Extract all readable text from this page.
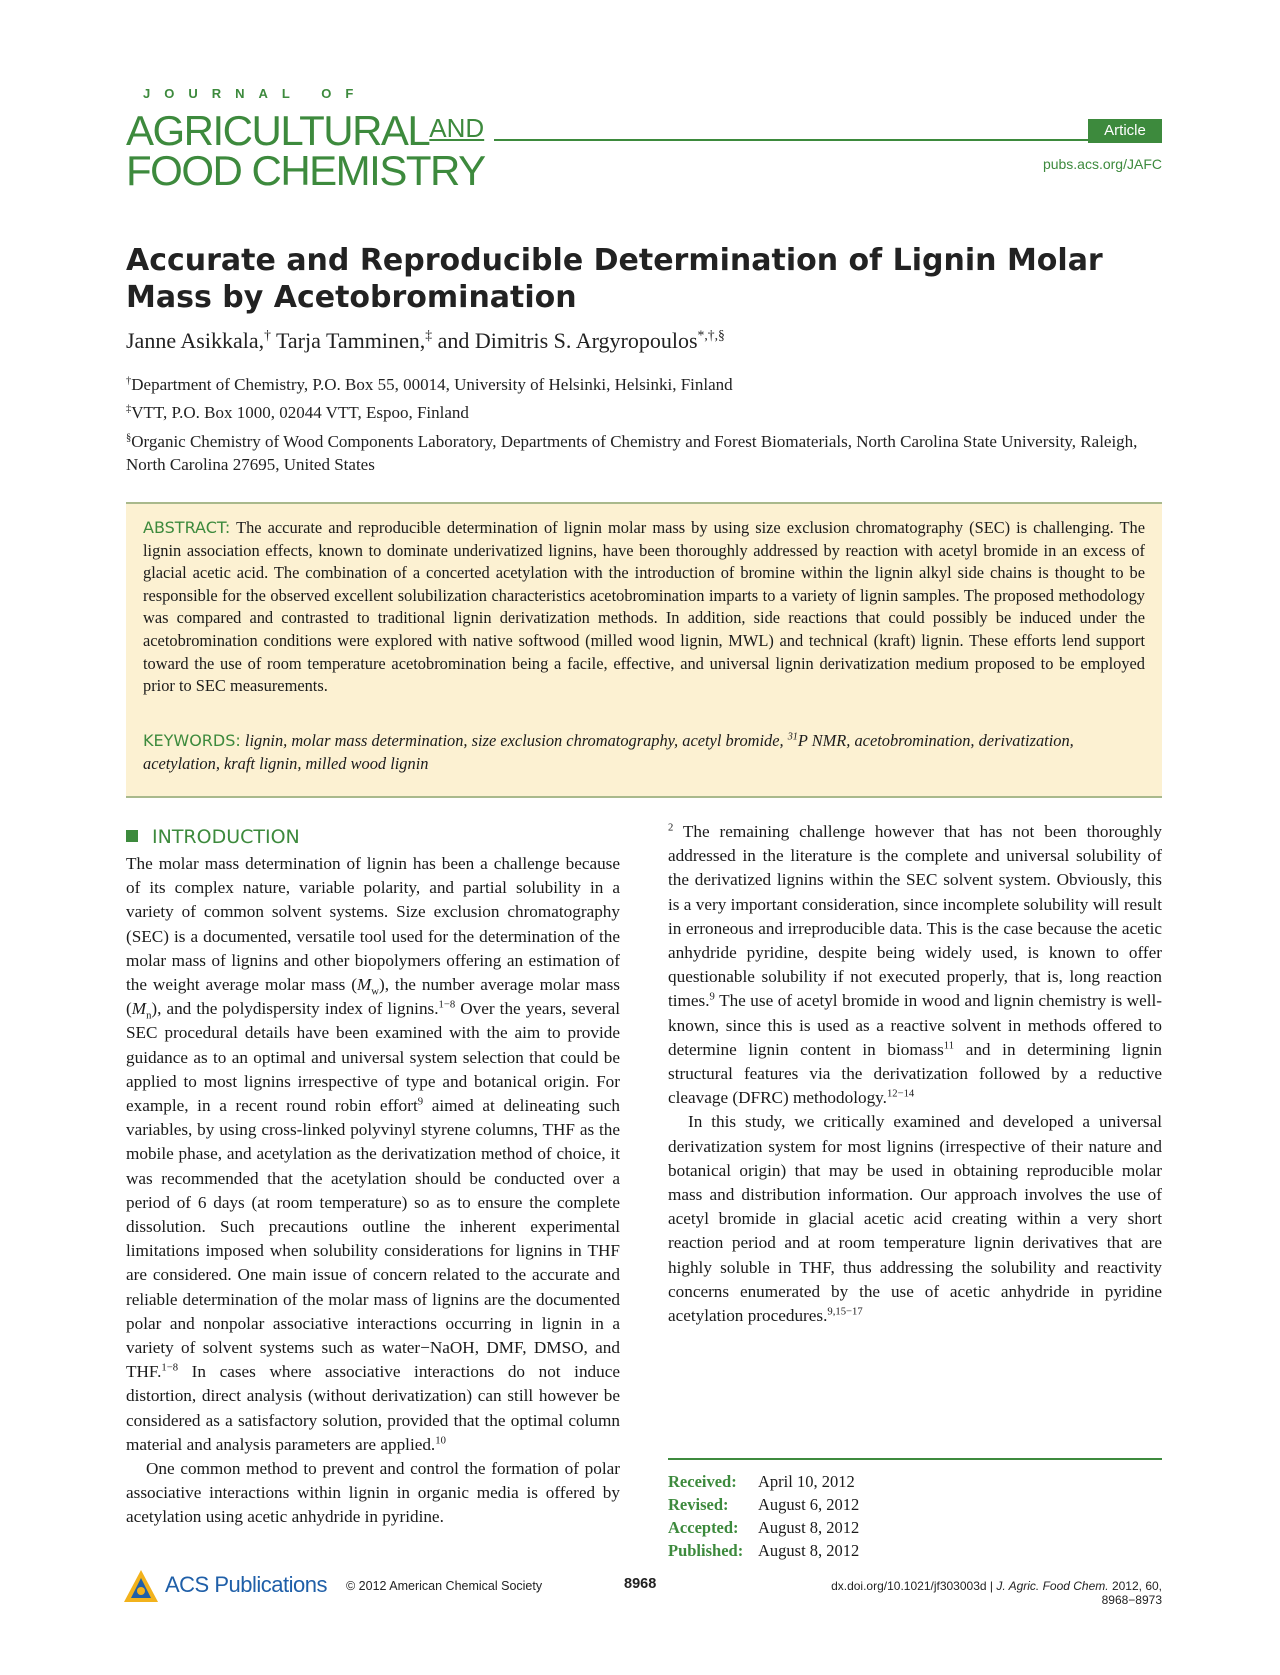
JOURNAL OF
AGRICULTURALAND
FOOD CHEMISTRY
Article
pubs.acs.org/JAFC
Accurate and Reproducible Determination of Lignin Molar Mass by Acetobromination
Janne Asikkala,† Tarja Tamminen,‡ and Dimitris S. Argyropoulos*,†,§
†Department of Chemistry, P.O. Box 55, 00014, University of Helsinki, Helsinki, Finland
‡VTT, P.O. Box 1000, 02044 VTT, Espoo, Finland
§Organic Chemistry of Wood Components Laboratory, Departments of Chemistry and Forest Biomaterials, North Carolina State University, Raleigh, North Carolina 27695, United States
ABSTRACT: The accurate and reproducible determination of lignin molar mass by using size exclusion chromatography (SEC) is challenging. The lignin association effects, known to dominate underivatized lignins, have been thoroughly addressed by reaction with acetyl bromide in an excess of glacial acetic acid. The combination of a concerted acetylation with the introduction of bromine within the lignin alkyl side chains is thought to be responsible for the observed excellent solubilization characteristics acetobromination imparts to a variety of lignin samples. The proposed methodology was compared and contrasted to traditional lignin derivatization methods. In addition, side reactions that could possibly be induced under the acetobromination conditions were explored with native softwood (milled wood lignin, MWL) and technical (kraft) lignin. These efforts lend support toward the use of room temperature acetobromination being a facile, effective, and universal lignin derivatization medium proposed to be employed prior to SEC measurements.
KEYWORDS: lignin, molar mass determination, size exclusion chromatography, acetyl bromide, $^{31}$P NMR, acetobromination, derivatization, acetylation, kraft lignin, milled wood lignin
INTRODUCTION

The molar mass determination of lignin has been a challenge because of its complex nature, variable polarity, and partial solubility in a variety of common solvent systems. Size exclusion chromatography (SEC) is a documented, versatile tool used for the determination of the molar mass of lignins and other biopolymers offering an estimation of the weight average molar mass $(M_w)$, the number average molar mass $(M_n)$, and the polydispersity index of lignins.$^{1-8}$ Over the years, several SEC procedural details have been examined with the aim to provide guidance as to an optimal and universal system selection that could be applied to most lignins irrespective of type and botanical origin. For example, in a recent round robin effort$^9$ aimed at delineating such variables, by using cross-linked polyvinyl styrene columns, THF as the mobile phase, and acetylation as the derivatization method of choice, it was recommended that the acetylation should be conducted over a period of 6 days (at room temperature) so as to ensure the complete dissolution. Such precautions outline the inherent experimental limitations imposed when solubility considerations for lignins in THF are considered. One main issue of concern related to the accurate and reliable determination of the molar mass of lignins are the documented polar and nonpolar associative interactions occurring in lignin in a variety of solvent systems such as water−NaOH, DMF, DMSO, and THF.$^{1-8}$ In cases where associative interactions do not induce distortion, direct analysis (without derivatization) can still however be considered as a satisfactory solution, provided that the optimal column material and analysis parameters are applied.$^{10}$

One common method to prevent and control the formation of polar associative interactions within lignin in organic media is offered by acetylation using acetic anhydride in pyridine.

$^2$ The remaining challenge however that has not been thoroughly addressed in the literature is the complete and universal solubility of the derivatized lignins within the SEC solvent system. Obviously, this is a very important consideration, since incomplete solubility will result in erroneous and irreproducible data. This is the case because the acetic anhydride pyridine, despite being widely used, is known to offer questionable solubility if not executed properly, that is, long reaction times.$^9$ The use of acetyl bromide in wood and lignin chemistry is well-known, since this is used as a reactive solvent in methods offered to determine lignin content in biomass$^{11}$ and in determining lignin structural features via the derivatization followed by a reductive cleavage (DFRC) methodology.$^{12-14}$

In this study, we critically examined and developed a universal derivatization system for most lignins (irrespective of their nature and botanical origin) that may be used in obtaining reproducible molar mass and distribution information. Our approach involves the use of acetyl bromide in glacial acetic acid creating within a very short reaction period and at room temperature lignin derivatives that are highly soluble in THF, thus addressing the solubility and reactivity concerns enumerated by the use of acetic anhydride in pyridine acetylation procedures.$^{9,15-17}$

Received: April 10, 2012
Revised: August 6, 2012
Accepted: August 8, 2012
Published: August 8, 2012
ACS Publications © 2012 American Chemical Society	8968	dx.doi.org/10.1021/jf303003d | J. Agric. Food Chem. 2012, 60, 8968−8973
